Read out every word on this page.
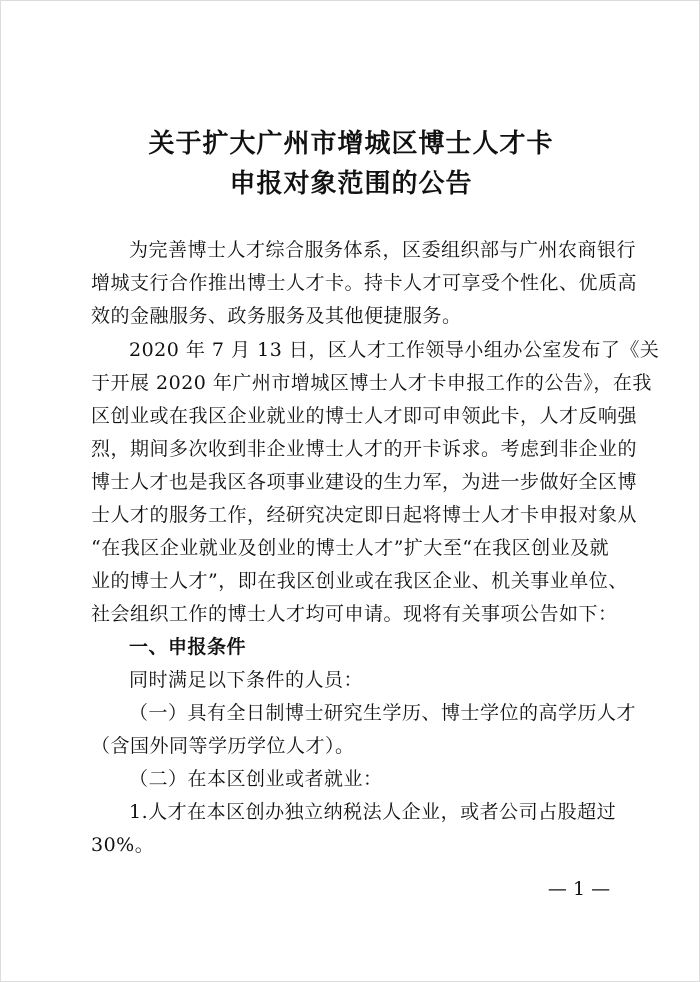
关于扩大广州市增城区博士人才卡
申报对象范围的公告
为完善博士人才综合服务体系，区委组织部与广州农商银行
增城支行合作推出博士人才卡。持卡人才可享受个性化、优质高
效的金融服务、政务服务及其他便捷服务。
2020 年 7 月 13 日，区人才工作领导小组办公室发布了《关
于开展 2020 年广州市增城区博士人才卡申报工作的公告》，在我
区创业或在我区企业就业的博士人才即可申领此卡，人才反响强
烈，期间多次收到非企业博士人才的开卡诉求。考虑到非企业的
博士人才也是我区各项事业建设的生力军，为进一步做好全区博
士人才的服务工作，经研究决定即日起将博士人才卡申报对象从
“在我区企业就业及创业的博士人才”扩大至“在我区创业及就
业的博士人才”，即在我区创业或在我区企业、机关事业单位、
社会组织工作的博士人才均可申请。现将有关事项公告如下：
一、申报条件
同时满足以下条件的人员：
（一）具有全日制博士研究生学历、博士学位的高学历人才
（含国外同等学历学位人才）。
（二）在本区创业或者就业：
1.人才在本区创办独立纳税法人企业，或者公司占股超过
30%。
— 1 —
